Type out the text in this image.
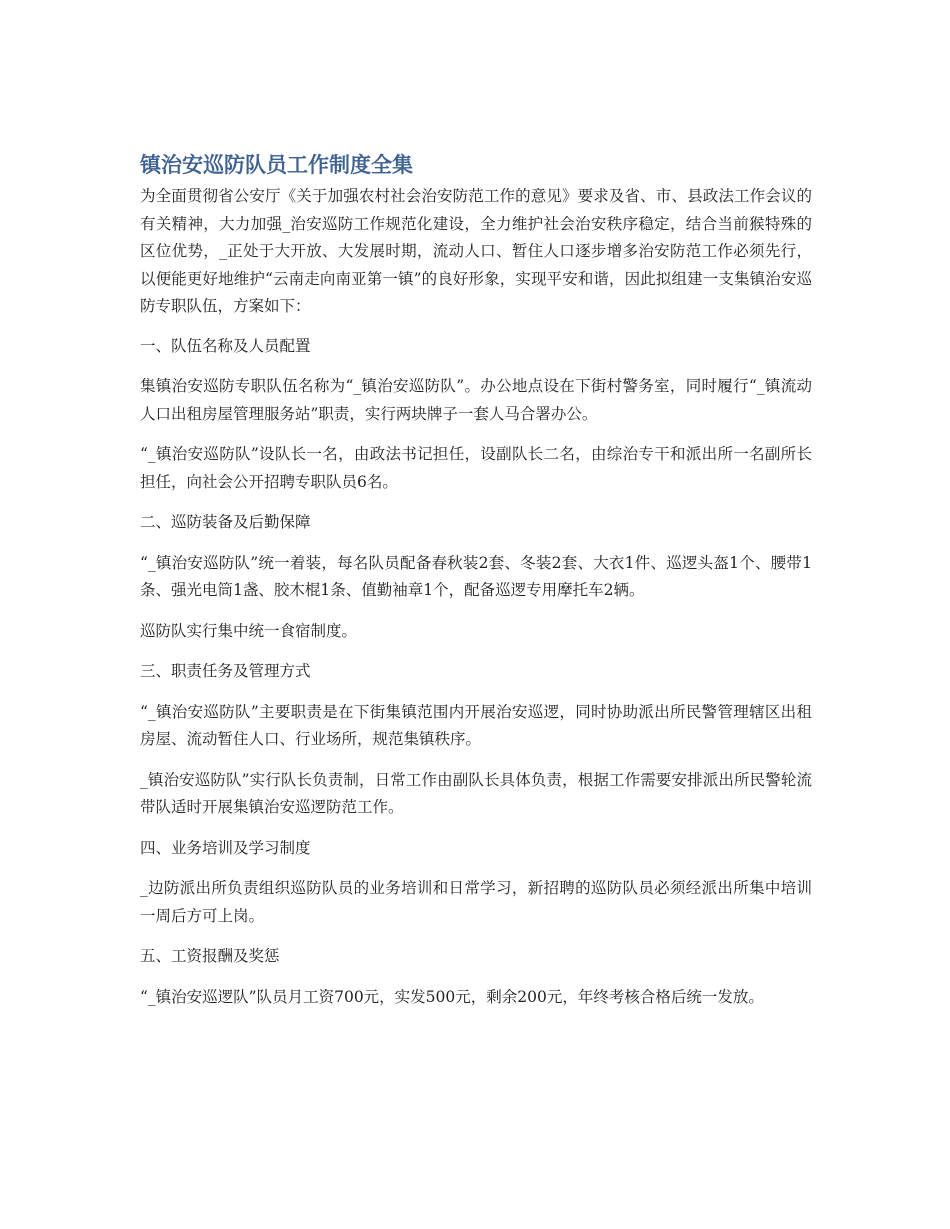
镇治安巡防队员工作制度全集

为全面贯彻省公安厅《关于加强农村社会治安防范工作的意见》要求及省、市、县政法工作会议的有关精神，大力加强_治安巡防工作规范化建设，全力维护社会治安秩序稳定，结合当前猴特殊的区位优势，_正处于大开放、大发展时期，流动人口、暂住人口逐步增多治安防范工作必须先行，以便能更好地维护“云南走向南亚第一镇”的良好形象，实现平安和谐，因此拟组建一支集镇治安巡防专职队伍，方案如下：

一、队伍名称及人员配置

集镇治安巡防专职队伍名称为“_镇治安巡防队”。办公地点设在下街村警务室，同时履行“_镇流动人口出租房屋管理服务站”职责，实行两块牌子一套人马合署办公。

“_镇治安巡防队”设队长一名，由政法书记担任，设副队长二名，由综治专干和派出所一名副所长担任，向社会公开招聘专职队员6名。

二、巡防装备及后勤保障

“_镇治安巡防队”统一着装，每名队员配备春秋装2套、冬装2套、大衣1件、巡逻头盔1个、腰带1条、强光电筒1盏、胶木棍1条、值勤袖章1个，配备巡逻专用摩托车2辆。

巡防队实行集中统一食宿制度。

三、职责任务及管理方式

“_镇治安巡防队”主要职责是在下街集镇范围内开展治安巡逻，同时协助派出所民警管理辖区出租房屋、流动暂住人口、行业场所，规范集镇秩序。

_镇治安巡防队”实行队长负责制，日常工作由副队长具体负责，根据工作需要安排派出所民警轮流带队适时开展集镇治安巡逻防范工作。

四、业务培训及学习制度

_边防派出所负责组织巡防队员的业务培训和日常学习，新招聘的巡防队员必须经派出所集中培训一周后方可上岗。

五、工资报酬及奖惩

“_镇治安巡逻队”队员月工资700元，实发500元，剩余200元，年终考核合格后统一发放。
